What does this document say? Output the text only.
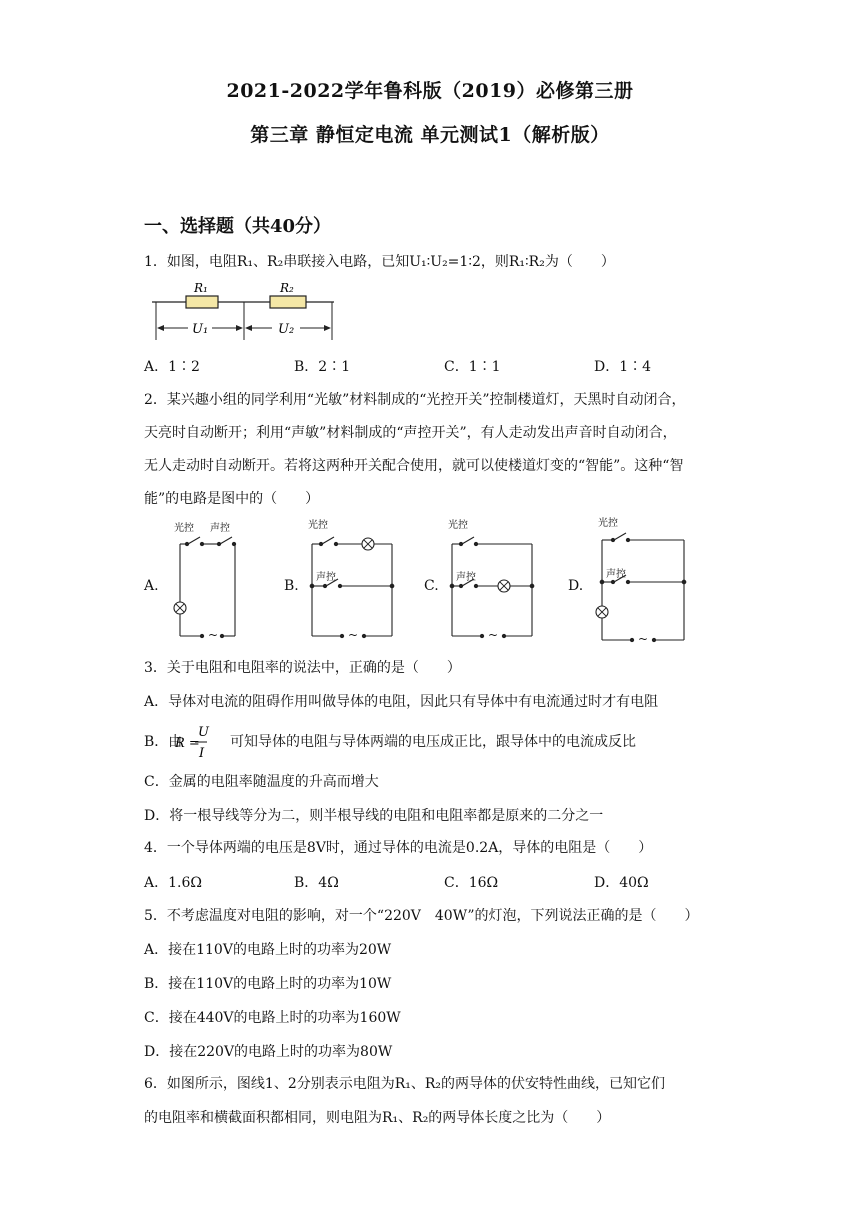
2021-2022学年鲁科版（2019）必修第三册
第三章 静恒定电流 单元测试1（解析版）
一、选择题（共40分）
1．如图，电阻R₁、R₂串联接入电路，已知U₁∶U₂=1∶2，则R₁∶R₂为（　　）
R₁	R₂
U₁	U₂
A．1∶2	B．2∶1	C．1∶1	D．1∶4
2．某兴趣小组的同学利用“光敏”材料制成的“光控开关”控制楼道灯，天黑时自动闭合，
天亮时自动断开；利用“声敏”材料制成的“声控开关”，有人走动发出声音时自动闭合，
无人走动时自动断开。若将这两种开关配合使用，就可以使楼道灯变的“智能”。这种“智
能”的电路是图中的（　　）
A.
光控 声控
~
B.
光控
声控
~
C.
光控
声控
~
D.
光控
声控
~
3．关于电阻和电阻率的说法中，正确的是（　　）
A．导体对电流的阻碍作用叫做导体的电阻，因此只有导体中有电流通过时才有电阻
B．由
R =
U
I
可知导体的电阻与导体两端的电压成正比，跟导体中的电流成反比
C．金属的电阻率随温度的升高而增大
D．将一根导线等分为二，则半根导线的电阻和电阻率都是原来的二分之一
4．一个导体两端的电压是8V时，通过导体的电流是0.2A，导体的电阻是（　　）
A．1.6Ω	B．4Ω	C．16Ω	D．40Ω
5．不考虑温度对电阻的影响，对一个“220V　40W”的灯泡，下列说法正确的是（　　）
A．接在110V的电路上时的功率为20W
B．接在110V的电路上时的功率为10W
C．接在440V的电路上时的功率为160W
D．接在220V的电路上时的功率为80W
6．如图所示，图线1、2分别表示电阻为R₁、R₂的两导体的伏安特性曲线，已知它们
的电阻率和横截面积都相同，则电阻为R₁、R₂的两导体长度之比为（　　）
